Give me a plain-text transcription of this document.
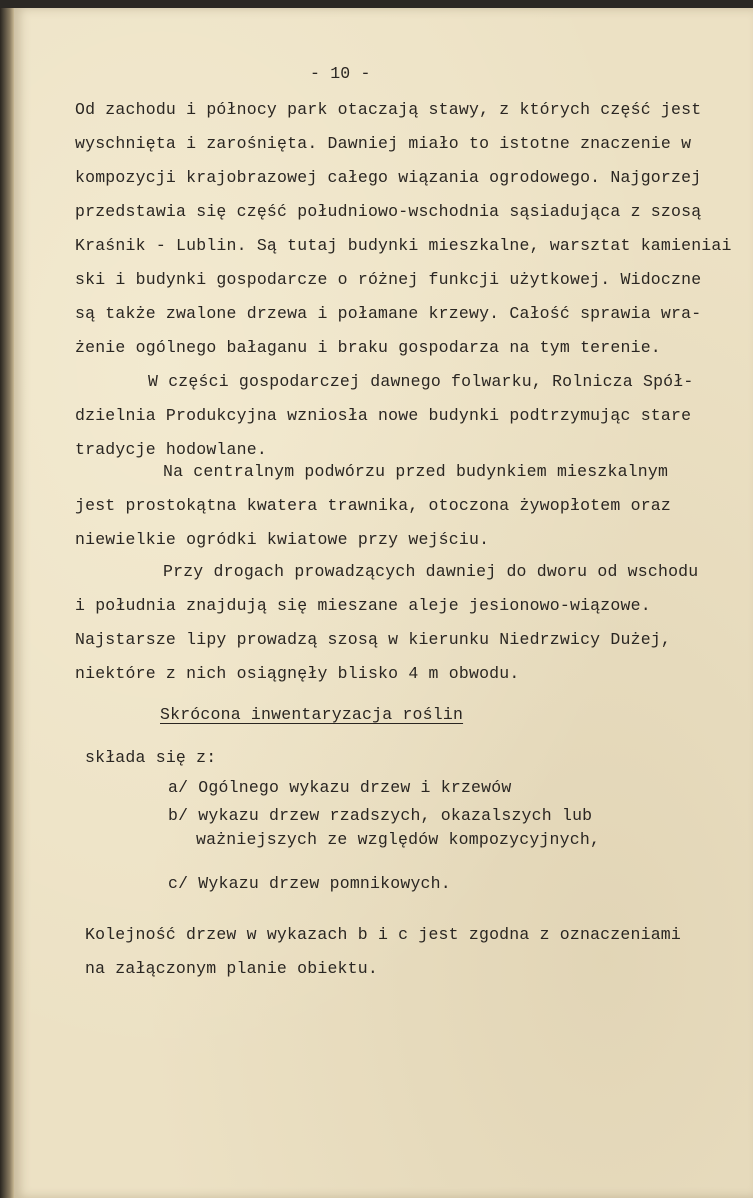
- 10 -
Od zachodu i północy park otaczają stawy, z których część jest
wyschnięta i zarośnięta. Dawniej miało to istotne znaczenie w
kompozycji krajobrazowej całego wiązania ogrodowego. Najgorzej
przedstawia się część południowo-wschodnia sąsiadująca z szosą
Kraśnik - Lublin. Są tutaj budynki mieszkalne, warsztat kamieniai
ski i budynki gospodarcze o różnej funkcji użytkowej. Widoczne
są także zwalone drzewa i połamane krzewy. Całość sprawia wra-
żenie ogólnego bałaganu i braku gospodarza na tym terenie.
W części gospodarczej dawnego folwarku, Rolnicza Spół-
dzielnia Produkcyjna wzniosła nowe budynki podtrzymując stare
tradycje hodowlane.
Na centralnym podwórzu przed budynkiem mieszkalnym
jest prostokątna kwatera trawnika, otoczona żywopłotem oraz
niewielkie ogródki kwiatowe przy wejściu.
Przy drogach prowadzących dawniej do dworu od wschodu
i południa znajdują się mieszane aleje jesionowo-wiązowe.
Najstarsze lipy prowadzą szosą w kierunku Niedrzwicy Dużej,
niektóre z nich osiągnęły blisko 4 m obwodu.
Skrócona inwentaryzacja roślin
składa się z:
a/ Ogólnego wykazu drzew i krzewów
b/ wykazu drzew rzadszych, okazalszych lub
ważniejszych ze względów kompozycyjnych,
c/ Wykazu drzew pomnikowych.
Kolejność drzew w wykazach b i c jest zgodna z oznaczeniami
na załączonym planie obiektu.
